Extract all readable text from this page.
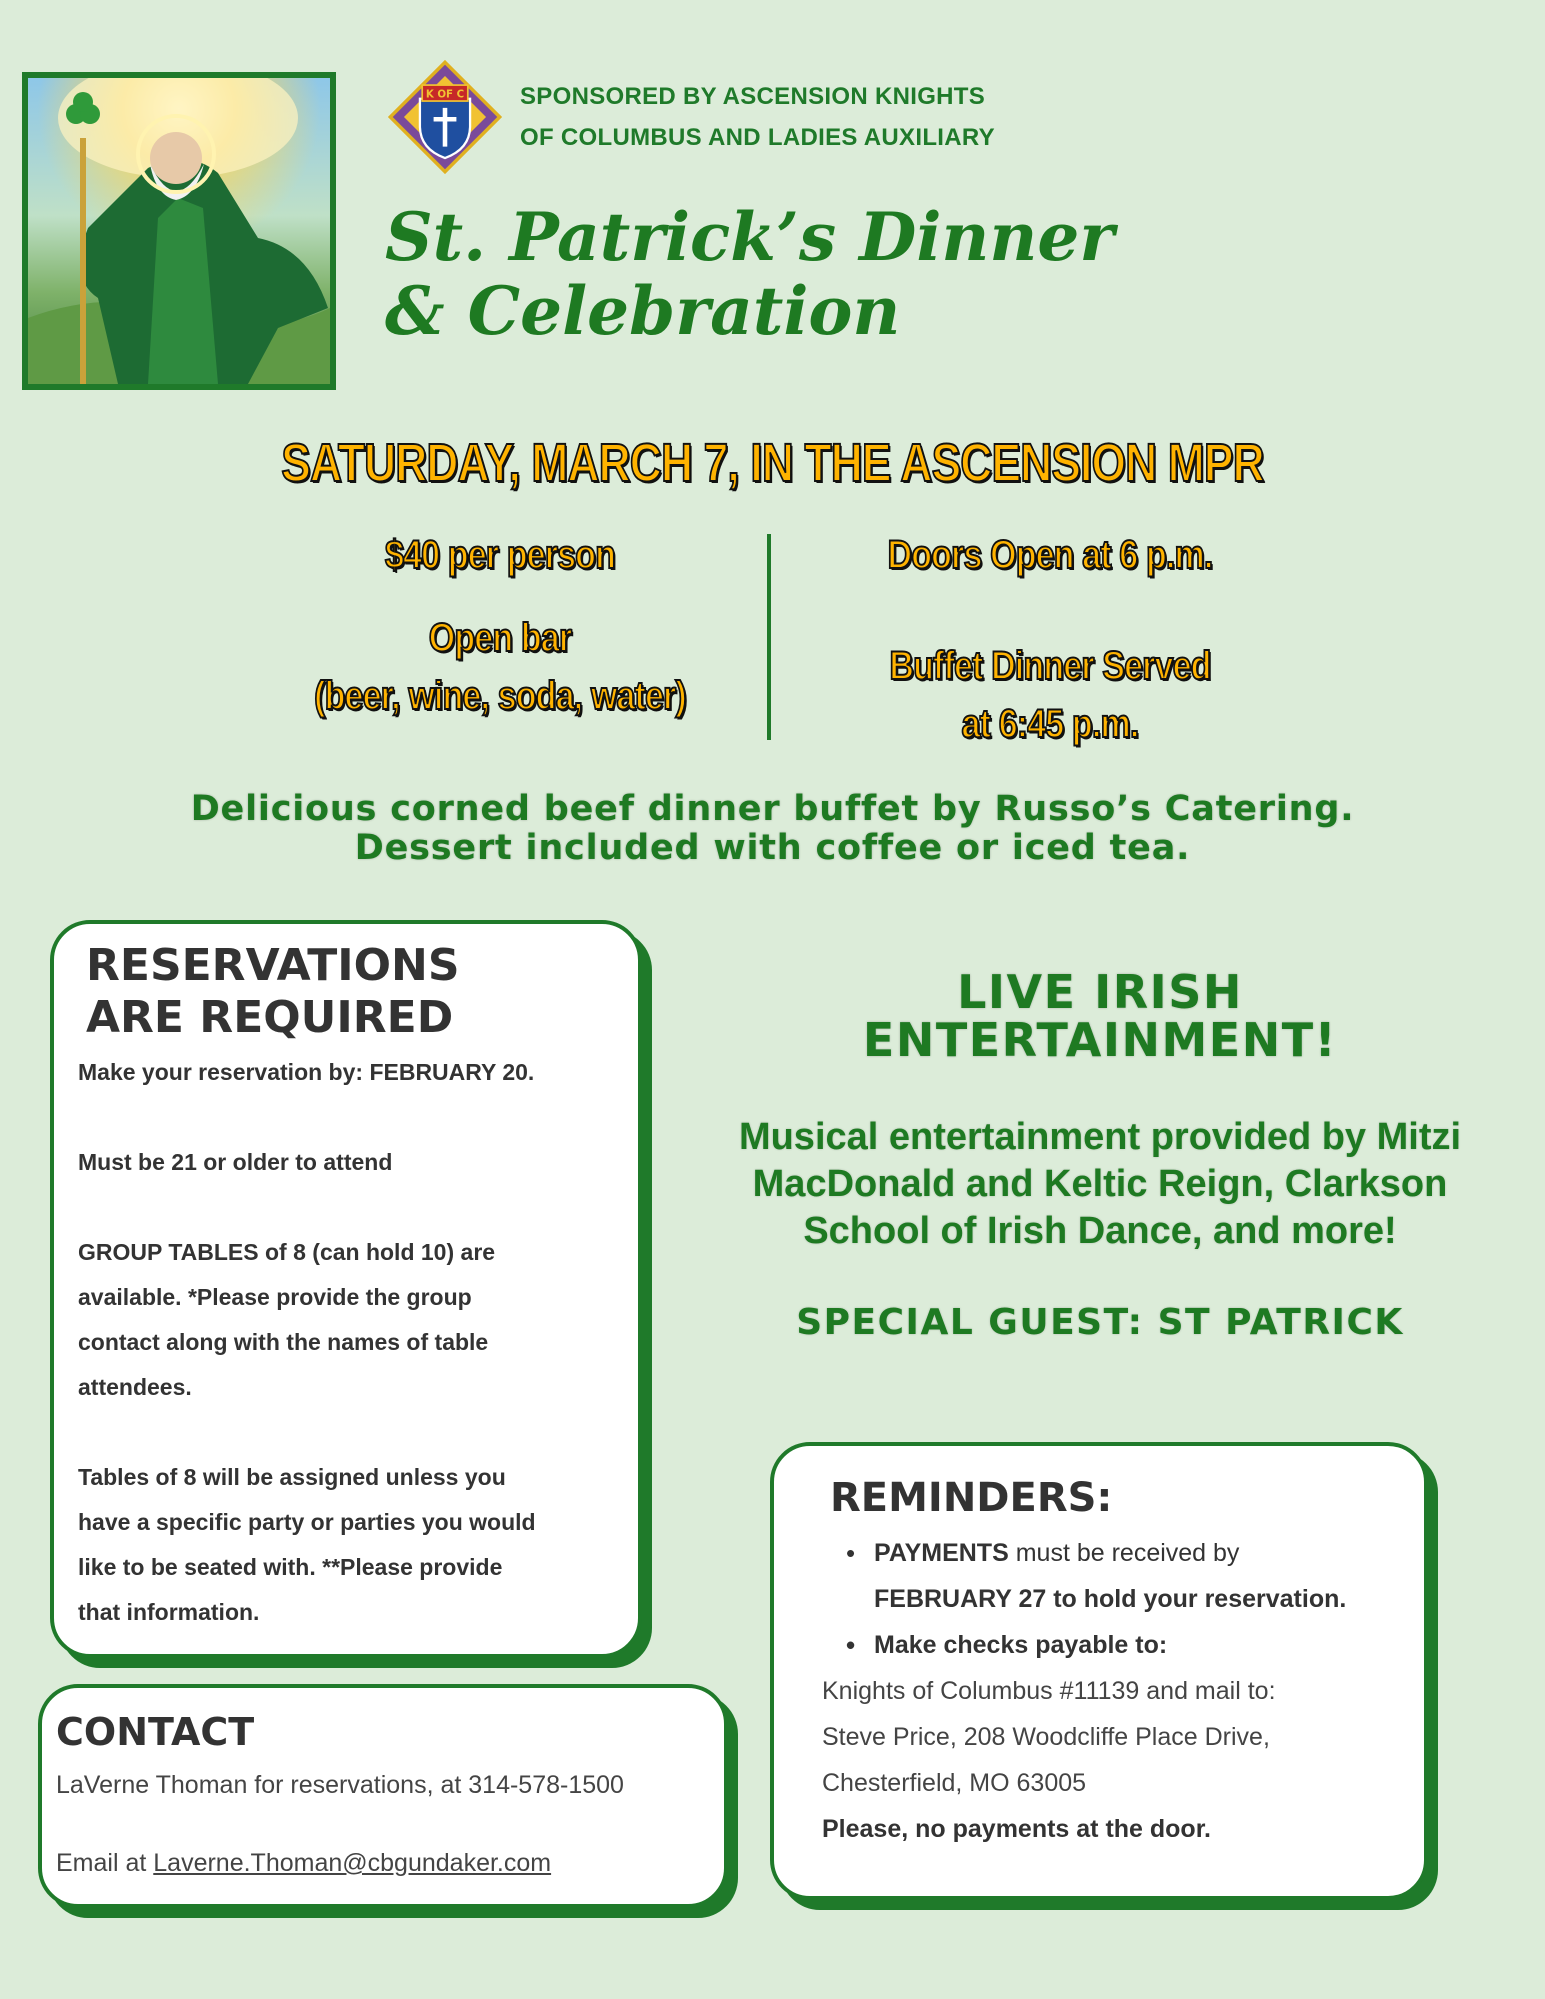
K OF C SPONSORED BY ASCENSION KNIGHTS
OF COLUMBUS AND LADIES AUXILIARY
St. Patrick’s Dinner
& Celebration
SATURDAY, MARCH 7, IN THE ASCENSION MPR
$40 per person
Open bar
(beer, wine, soda, water)
Doors Open at 6 p.m.
Buffet Dinner Served
at 6:45 p.m.
Delicious corned beef dinner buffet by Russo’s Catering.
Dessert included with coffee or iced tea.
RESERVATIONS
ARE REQUIRED
Make your reservation by: FEBRUARY 20.
Must be 21 or older to attend
GROUP TABLES of 8 (can hold 10) are
available. *Please provide the group
contact along with the names of table
attendees.
Tables of 8 will be assigned unless you
have a specific party or parties you would
like to be seated with. **Please provide
that information.
CONTACT
LaVerne Thoman for reservations, at 314-578-1500
Email at Laverne.Thoman@cbgundaker.com
LIVE IRISH
ENTERTAINMENT!
Musical entertainment provided by Mitzi
MacDonald and Keltic Reign, Clarkson
School of Irish Dance, and more!
SPECIAL GUEST: ST PATRICK
REMINDERS:
• PAYMENTS must be received by
FEBRUARY 27 to hold your reservation.
• Make checks payable to:
Knights of Columbus #11139 and mail to:
Steve Price, 208 Woodcliffe Place Drive,
Chesterfield, MO 63005
Please, no payments at the door.
